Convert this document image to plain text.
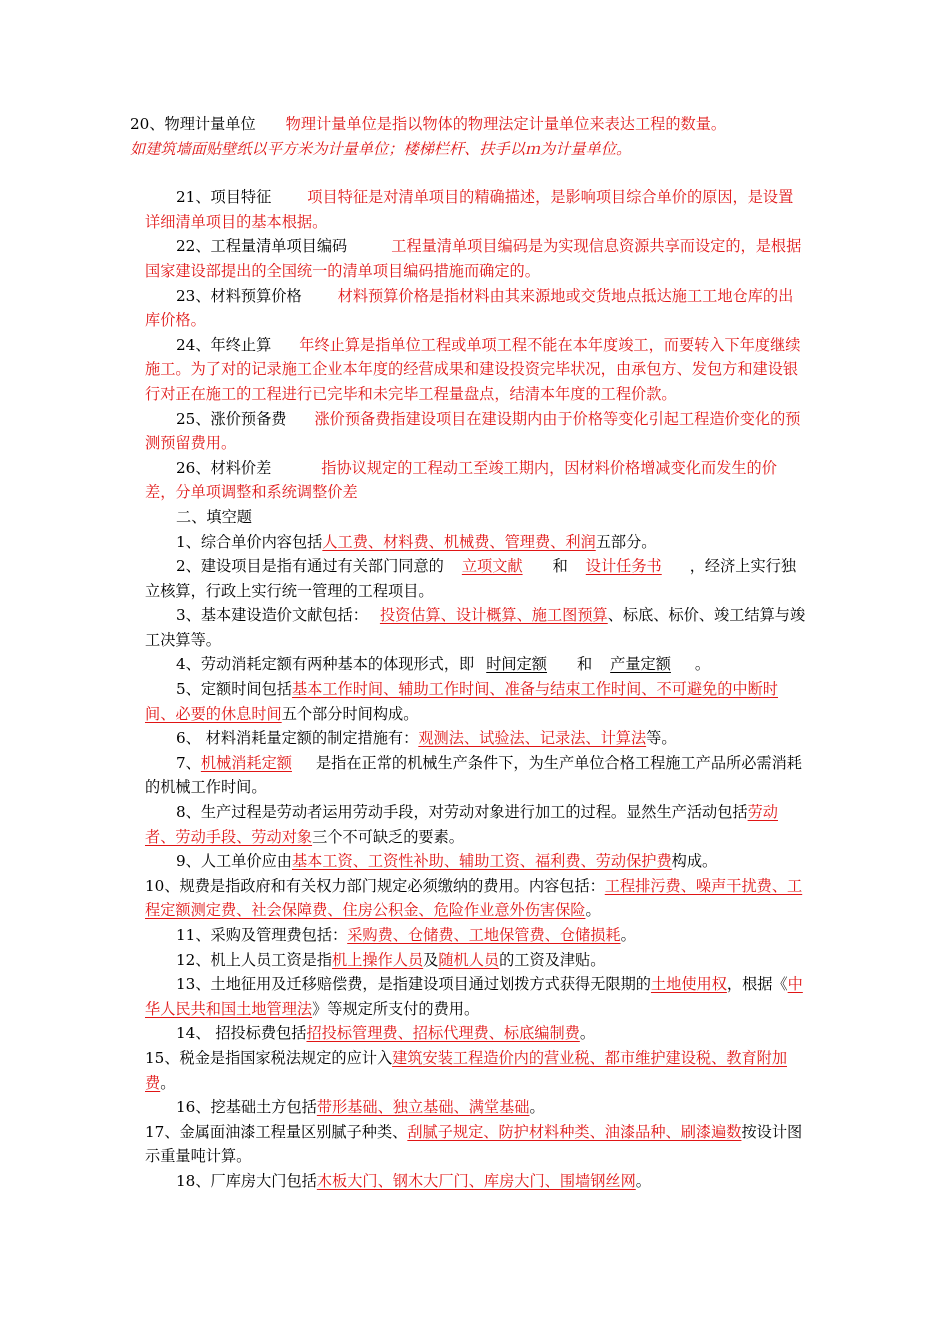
20、物理计量单位 物理计量单位是指以物体的物理法定计量单位来表达工程的数量。

如建筑墙面贴壁纸以平方米为计量单位；楼梯栏杆、扶手以ｍ为计量单位。

21、项目特征 项目特征是对清单项目的精确描述，是影响项目综合单价的原因，是设置详细清单项目的基本根据。

22、工程量清单项目编码	工程量清单项目编码是为实现信息资源共享而设定的，是根据国家建设部提出的全国统一的清单项目编码措施而确定的。

23、材料预算价格 材料预算价格是指材料由其来源地或交货地点抵达施工工地仓库的出库价格。

24、年终止算 年终止算是指单位工程或单项工程不能在本年度竣工，而要转入下年度继续施工。为了对的记录施工企业本年度的经营成果和建设投资完毕状况，由承包方、发包方和建设银行对正在施工的工程进行已完毕和未完毕工程量盘点，结清本年度的工程价款。

25、涨价预备费 涨价预备费指建设项目在建设期内由于价格等变化引起工程造价变化的预测预留费用。

26、材料价差	指协议规定的工程动工至竣工期内，因材料价格增减变化而发生的价差，分单项调整和系统调整价差

二、填空题

1、综合单价内容包括人工费、材料费、机械费、管理费、利润五部分。

2、建设项目是指有通过有关部门同意的 立项文献 和 设计任务书 ，经济上实行独立核算，行政上实行统一管理的工程项目。

3、基本建设造价文献包括： 投资估算、设计概算、施工图预算、标底、标价、竣工结算与竣工决算等。

4、劳动消耗定额有两种基本的体现形式，即 时间定额 和 产量定额 。

5、定额时间包括基本工作时间、辅助工作时间、准备与结束工作时间、不可避免的中断时间、必要的休息时间五个部分时间构成。

6、 材料消耗量定额的制定措施有：观测法、试验法、记录法、计算法等。

7、机械消耗定额 是指在正常的机械生产条件下，为生产单位合格工程施工产品所必需消耗的机械工作时间。

8、生产过程是劳动者运用劳动手段，对劳动对象进行加工的过程。显然生产活动包括劳动者、劳动手段、劳动对象三个不可缺乏的要素。

9、人工单价应由基本工资、工资性补助、辅助工资、福利费、劳动保护费构成。

10、规费是指政府和有关权力部门规定必须缴纳的费用。内容包括：工程排污费、噪声干扰费、工程定额测定费、社会保障费、住房公积金、危险作业意外伤害保险。

11、采购及管理费包括：采购费、仓储费、工地保管费、仓储损耗。

12、机上人员工资是指机上操作人员及随机人员的工资及津贴。

13、土地征用及迁移赔偿费，是指建设项目通过划拨方式获得无限期的土地使用权，根据《中华人民共和国土地管理法》等规定所支付的费用。

14、 招投标费包括招投标管理费、招标代理费、标底编制费。

15、税金是指国家税法规定的应计入建筑安装工程造价内的营业税、都市维护建设税、教育附加费。

16、挖基础土方包括带形基础、独立基础、满堂基础。

17、金属面油漆工程量区别腻子种类、刮腻子规定、防护材料种类、油漆品种、刷漆遍数按设计图示重量吨计算。

18、厂库房大门包括木板大门、钢木大厂门、库房大门、围墙钢丝网。
